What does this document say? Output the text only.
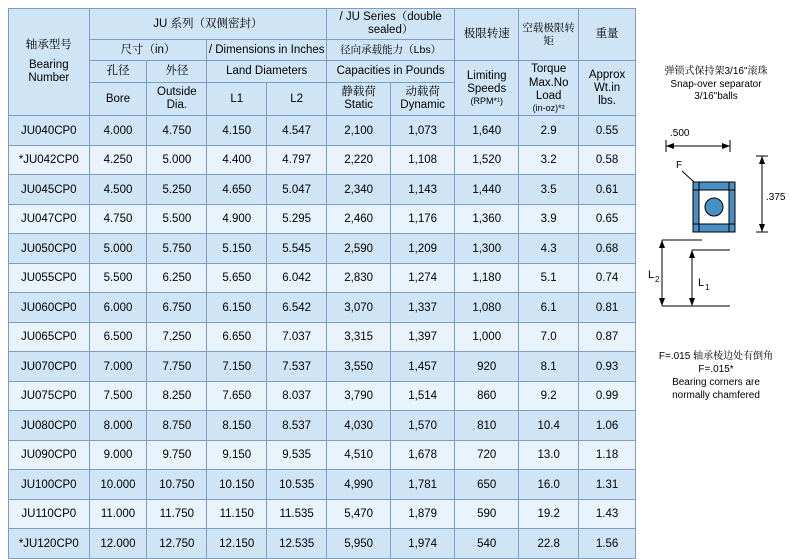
轴承型号
Bearing
Number	JU 系列（双侧密封）				/ JU Series（double sealed）		极限转速	空载极限转矩	重量

	尺寸（in）		/ Dimensions in Inches		径向承载能力（Lbs）				

孔径	外径	Land Diameters	Capacities in Pounds	Limiting
Speeds
(RPM*¹)

Torque
Max.No
Load
(in-oz)*²

Approx
Wt.in
lbs.

Bore

Outside
Dia.

L1	L2

静载荷
Static

动载荷
Dynamic

JU040CP0	4.000	4.750	4.150	4.547	2,100	1,073	1,640	2.9	0.55
*JU042CP0	4.250	5.000	4.400	4.797	2,220	1,108	1,520	3.2	0.58
JU045CP0	4.500	5.250	4.650	5.047	2,340	1,143	1,440	3.5	0.61
JU047CP0	4.750	5.500	4.900	5.295	2,460	1,176	1,360	3.9	0.65
JU050CP0	5.000	5.750	5.150	5.545	2,590	1,209	1,300	4.3	0.68
JU055CP0	5.500	6.250	5.650	6.042	2,830	1,274	1,180	5.1	0.74
JU060CP0	6.000	6.750	6.150	6.542	3,070	1,337	1,080	6.1	0.81
JU065CP0	6.500	7.250	6.650	7.037	3,315	1,397	1,000	7.0	0.87
JU070CP0	7.000	7.750	7.150	7.537	3,550	1,457	920	8.1	0.93
JU075CP0	7.500	8.250	7.650	8.037	3,790	1,514	860	9.2	0.99
JU080CP0	8.000	8.750	8.150	8.537	4,030	1,570	810	10.4	1.06
JU090CP0	9.000	9.750	9.150	9.535	4,510	1,678	720	13.0	1.18
JU100CP0	10.000	10.750	10.150	10.535	4,990	1,781	650	16.0	1.31
JU110CP0	11.000	11.750	11.150	11.535	5,470	1,879	590	19.2	1.43
*JU120CP0	12.000	12.750	12.150	12.535	5,950	1,974	540	22.8	1.56
弹锁式保持架3/16"滚珠
Snap-over separator
3/16"balls
.500
F
.375
L 2	L 1
F=.015 轴承棱边处有倒角
F=.015*
Bearing corners are
normally chamfered
